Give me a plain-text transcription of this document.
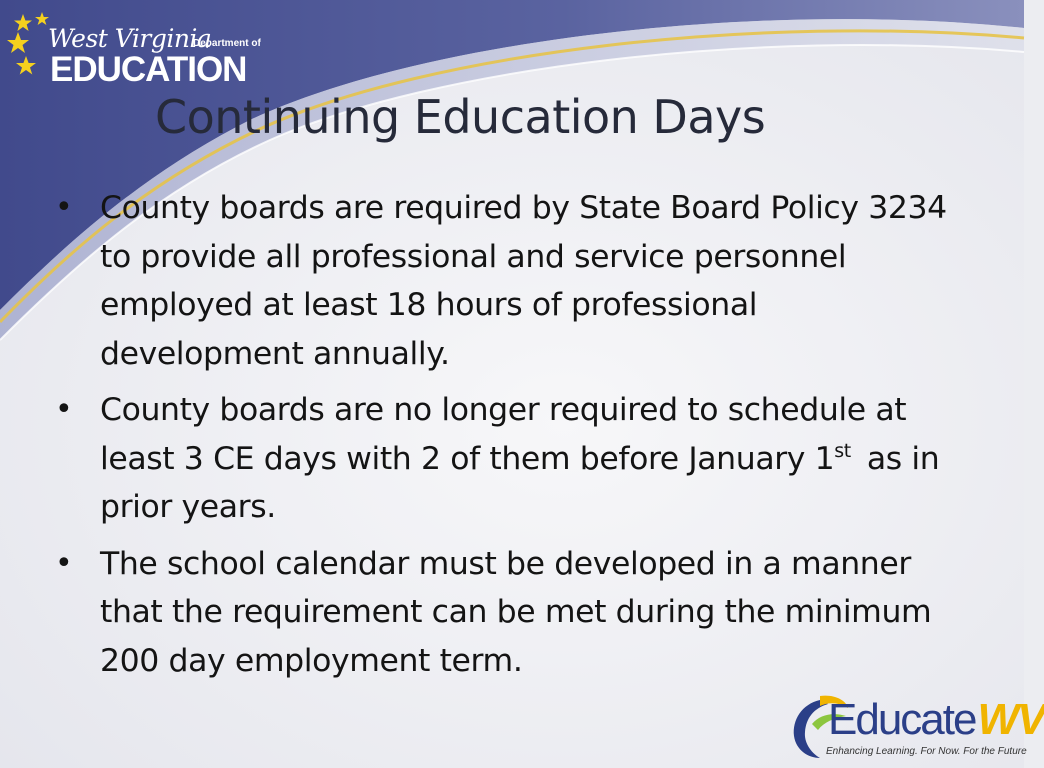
West Virginia
Department of
EDUCATION
Continuing Education Days
• County boards are required by State Board Policy 3234 to provide all professional and service personnel employed at least 18 hours of professional development annually.
• County boards are no longer required to schedule at least 3 CE days with 2 of them before January 1st as in prior years.
• The school calendar must be developed in a manner that the requirement can be met during the minimum 200 day employment term.
EducateWV
Enhancing Learning. For Now. For the Future
